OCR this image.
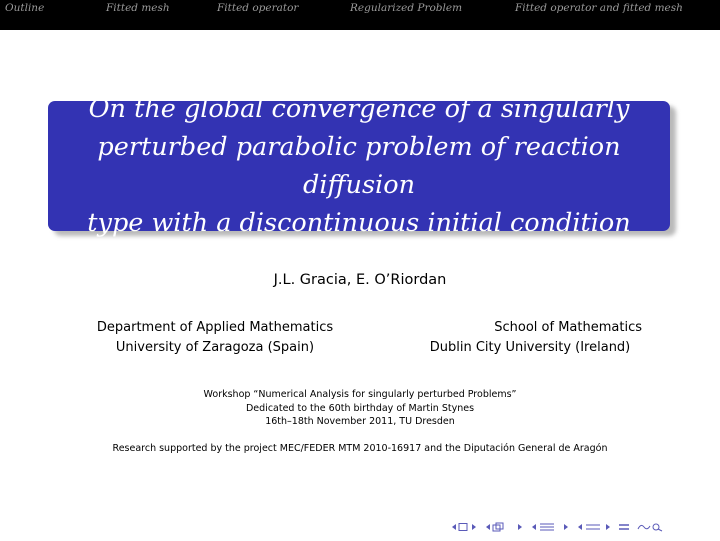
Outline	Fitted mesh	Fitted operator	Regularized Problem	Fitted operator and fitted mesh
On the global convergence of a singularly
perturbed parabolic problem of reaction diffusion
type with a discontinuous initial condition
J.L. Gracia, E. O’Riordan
Department of Applied Mathematics
University of Zaragoza (Spain)
School of Mathematics
Dublin City University (Ireland)
Workshop “Numerical Analysis for singularly perturbed Problems”
Dedicated to the 60th birthday of Martin Stynes
16th–18th November 2011, TU Dresden
Research supported by the project MEC/FEDER MTM 2010-16917 and the Diputación General de Aragón
